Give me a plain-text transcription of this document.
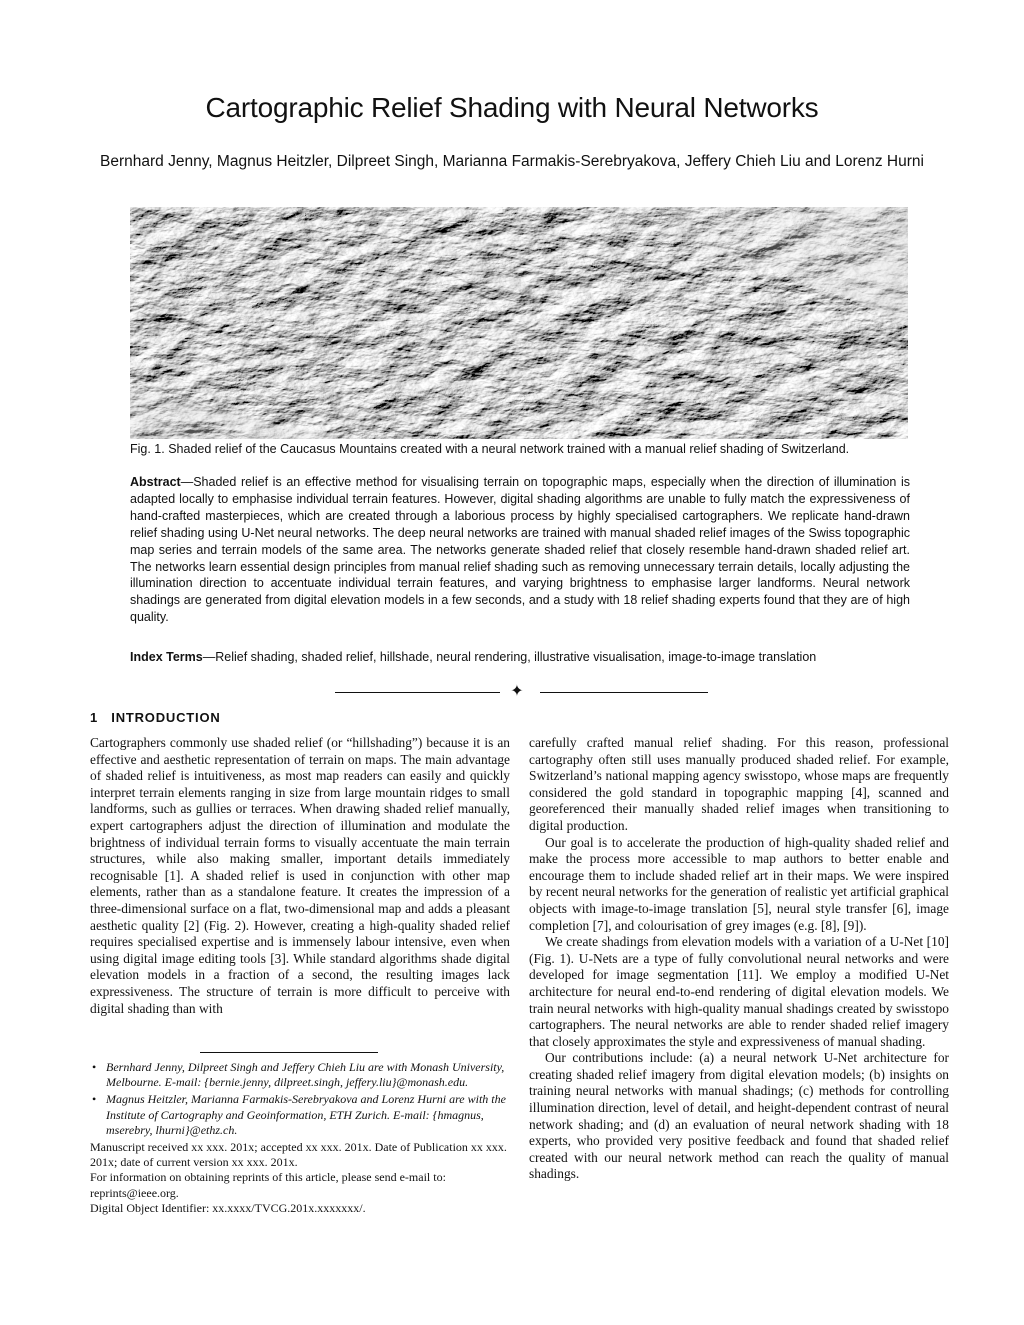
Cartographic Relief Shading with Neural Networks
Bernhard Jenny, Magnus Heitzler, Dilpreet Singh, Marianna Farmakis-Serebryakova, Jeffery Chieh Liu and Lorenz Hurni
Fig. 1. Shaded relief of the Caucasus Mountains created with a neural network trained with a manual relief shading of Switzerland.
Abstract—Shaded relief is an effective method for visualising terrain on topographic maps, especially when the direction of illumination is adapted locally to emphasise individual terrain features. However, digital shading algorithms are unable to fully match the expressiveness of hand-crafted masterpieces, which are created through a laborious process by highly specialised cartographers. We replicate hand-drawn relief shading using U-Net neural networks. The deep neural networks are trained with manual shaded relief images of the Swiss topographic map series and terrain models of the same area. The networks generate shaded relief that closely resemble hand-drawn shaded relief art. The networks learn essential design principles from manual relief shading such as removing unnecessary terrain details, locally adjusting the illumination direction to accentuate individual terrain features, and varying brightness to emphasise larger landforms. Neural network shadings are generated from digital elevation models in a few seconds, and a study with 18 relief shading experts found that they are of high quality.
Index Terms—Relief shading, shaded relief, hillshade, neural rendering, illustrative visualisation, image-to-image translation
✦
1 INTRODUCTION

Cartographers commonly use shaded relief (or “hillshading”) because it is an effective and aesthetic representation of terrain on maps. The main advantage of shaded relief is intuitiveness, as most map readers can easily and quickly interpret terrain elements ranging in size from large mountain ridges to small landforms, such as gullies or terraces. When drawing shaded relief manually, expert cartographers adjust the direction of illumination and modulate the brightness of individual terrain forms to visually accentuate the main terrain structures, while also making smaller, important details immediately recognisable [1]. A shaded relief is used in conjunction with other map elements, rather than as a standalone feature. It creates the impression of a three-dimensional surface on a flat, two-dimensional map and adds a pleasant aesthetic quality [2] (Fig. 2). However, creating a high-quality shaded relief requires specialised expertise and is immensely labour intensive, even when using digital image editing tools [3]. While standard algorithms shade digital elevation models in a fraction of a second, the resulting images lack expressiveness. The structure of terrain is more difficult to perceive with digital shading than with

carefully crafted manual relief shading. For this reason, professional cartography often still uses manually produced shaded relief. For example, Switzerland’s national mapping agency swisstopo, whose maps are frequently considered the gold standard in topographic mapping [4], scanned and georeferenced their manually shaded relief images when transitioning to digital production.

Our goal is to accelerate the production of high-quality shaded relief and make the process more accessible to map authors to better enable and encourage them to include shaded relief art in their maps. We were inspired by recent neural networks for the generation of realistic yet artificial graphical objects with image-to-image translation [5], neural style transfer [6], image completion [7], and colourisation of grey images (e.g. [8], [9]).

We create shadings from elevation models with a variation of a U-Net [10] (Fig. 1). U-Nets are a type of fully convolutional neural networks and were developed for image segmentation [11]. We employ a modified U-Net architecture for neural end-to-end rendering of digital elevation models. We train neural networks with high-quality manual shadings created by swisstopo cartographers. The neural networks are able to render shaded relief imagery that closely approximates the style and expressiveness of manual shading.

Our contributions include: (a) a neural network U-Net architecture for creating shaded relief imagery from digital elevation models; (b) insights on training neural networks with manual shadings; (c) methods for controlling illumination direction, level of detail, and height-dependent contrast of neural network shading; and (d) an evaluation of neural network shading with 18 experts, who provided very positive feedback and found that shaded relief created with our neural network method can reach the quality of manual shadings.

• Bernhard Jenny, Dilpreet Singh and Jeffery Chieh Liu are with Monash University, Melbourne. E-mail: {bernie.jenny, dilpreet.singh, jeffery.liu}@monash.edu.
• Magnus Heitzler, Marianna Farmakis-Serebryakova and Lorenz Hurni are with the Institute of Cartography and Geoinformation, ETH Zurich. E-mail: {hmagnus, mserebry, lhurni}@ethz.ch.
Manuscript received xx xxx. 201x; accepted xx xxx. 201x. Date of Publication xx xxx. 201x; date of current version xx xxx. 201x.
For information on obtaining reprints of this article, please send e-mail to: reprints@ieee.org.
Digital Object Identifier: xx.xxxx/TVCG.201x.xxxxxxx/.
